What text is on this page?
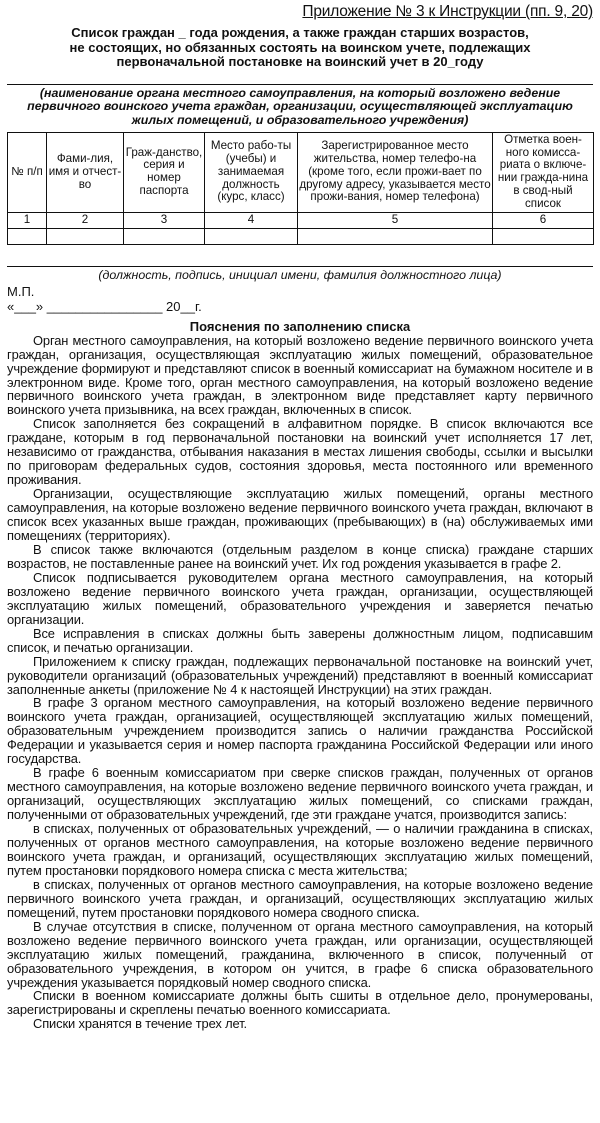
Приложение № 3 к Инструкции (пп. 9, 20)
Список граждан _ года рождения, а также граждан старших возрастов,
не состоящих, но обязанных состоять на воинском учете, подлежащих
первоначальной постановке на воинский учет в 20_году
(наименование органа местного самоуправления, на который возложено ведение первичного воинского учета граждан, организации, осуществляющей эксплуатацию жилых помещений, и образовательного учреждения)
№ п/п	Фами-лия, имя и отчест-во	Граж-данство, серия и номер паспорта	Место рабо-ты (учебы) и занимаемая должность (курс, класс)	Зарегистрированное место жительства, номер телефо-на (кроме того, если прожи-вает по другому адресу, указывается место прожи-вания, номер телефона)	Отметка воен-ного комисса-риата о включе-нии гражда-нина в свод-ный список
1	2	3	4	5	6

(должность, подпись, инициал имени, фамилия должностного лица)
М.П.
«___» ________________ 20__г.
Пояснения по заполнению списка

Орган местного самоуправления, на который возложено ведение первичного воинского учета граждан, организация, осуществляющая эксплуатацию жилых помещений, образовательное учреждение формируют и представляют список в военный комиссариат на бумажном носителе и в электронном виде. Кроме того, орган местного самоуправления, на который возложено ведение первичного воинского учета граждан, в электронном виде представляет карту первичного воинского учета призывника, на всех граждан, включенных в список.

Список заполняется без сокращений в алфавитном порядке. В список включаются все граждане, которым в год первоначальной постановки на воинский учет исполняется 17 лет, независимо от гражданства, отбывания наказания в местах лишения свободы, ссылки и высылки по приговорам федеральных судов, состояния здоровья, места постоянного или временного проживания.

Организации, осуществляющие эксплуатацию жилых помещений, органы местного самоуправления, на которые возложено ведение первичного воинского учета граждан, включают в список всех указанных выше граждан, проживающих (пребывающих) в (на) обслуживаемых ими помещениях (территориях).

В список также включаются (отдельным разделом в конце списка) граждане старших возрастов, не поставленные ранее на воинский учет. Их год рождения указывается в графе 2.

Список подписывается руководителем органа местного самоуправления, на который возложено ведение первичного воинского учета граждан, организации, осуществляющей эксплуатацию жилых помещений, образовательного учреждения и заверяется печатью организации.

Все исправления в списках должны быть заверены должностным лицом, подписавшим список, и печатью организации.

Приложением к списку граждан, подлежащих первоначальной постановке на воинский учет, руководители организаций (образовательных учреждений) представляют в военный комиссариат заполненные анкеты (приложение № 4 к настоящей Инструкции) на этих граждан.

В графе 3 органом местного самоуправления, на который возложено ведение первичного воинского учета граждан, организацией, осуществляющей эксплуатацию жилых помещений, образовательным учреждением производится запись о наличии гражданства Российской Федерации и указывается серия и номер паспорта гражданина Российской Федерации или иного государства.

В графе 6 военным комиссариатом при сверке списков граждан, полученных от органов местного самоуправления, на которые возложено ведение первичного воинского учета граждан, и организаций, осуществляющих эксплуатацию жилых помещений, со списками граждан, полученными от образовательных учреждений, где эти граждане учатся, производится запись:

в списках, полученных от образовательных учреждений, — о наличии гражданина в списках, полученных от органов местного самоуправления, на которые возложено ведение первичного воинского учета граждан, и организаций, осуществляющих эксплуатацию жилых помещений, путем простановки порядкового номера списка с места жительства;

в списках, полученных от органов местного самоуправления, на которые возложено ведение первичного воинского учета граждан, и организаций, осуществляющих эксплуатацию жилых помещений, путем простановки порядкового номера сводного списка.

В случае отсутствия в списке, полученном от органа местного самоуправления, на который возложено ведение первичного воинского учета граждан, или организации, осуществляющей эксплуатацию жилых помещений, гражданина, включенного в список, полученный от образовательного учреждения, в котором он учится, в графе 6 списка образовательного учреждения указывается порядковый номер сводного списка.

Списки в военном комиссариате должны быть сшиты в отдельное дело, пронумерованы, зарегистрированы и скреплены печатью военного комиссариата.

Списки хранятся в течение трех лет.
